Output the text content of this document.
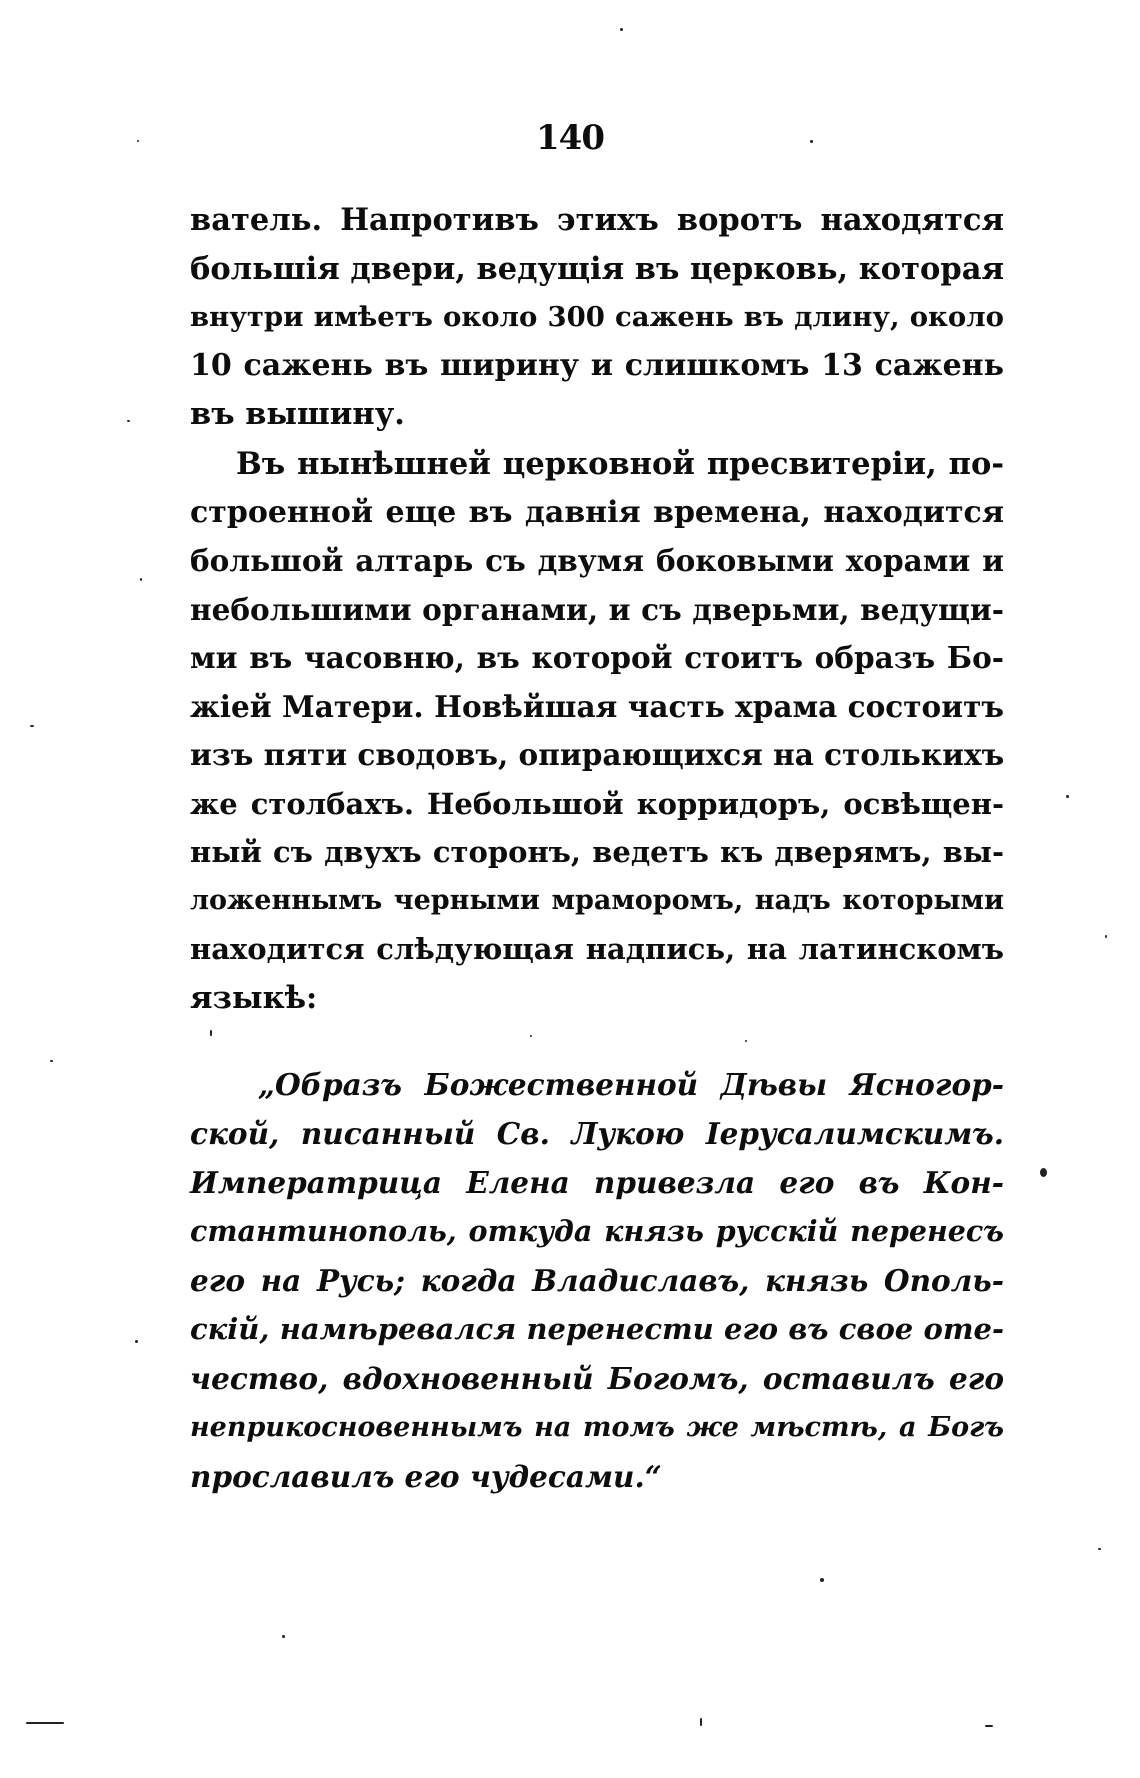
140
ватель. Напротивъ этихъ воротъ находятся
большія двери, ведущія въ церковь, которая
внутри имѣетъ около 300 сажень въ длину, около
10 сажень въ ширину и слишкомъ 13 сажень
въ вышину.
Въ нынѣшней церковной пресвитеріи, по-
строенной еще въ давнія времена, находится
большой алтарь съ двумя боковыми хорами и
небольшими органами, и съ дверьми, ведущи-
ми въ часовню, въ которой стоитъ образъ Бо-
жіей Матери. Новѣйшая часть храма состоитъ
изъ пяти сводовъ, опирающихся на столькихъ
же столбахъ. Небольшой корридоръ, освѣщен-
ный съ двухъ сторонъ, ведетъ къ дверямъ, вы-
ложеннымъ черными мраморомъ, надъ которыми
находится слѣдующая надпись, на латинскомъ
языкѣ:
„Образъ Божественной Дѣвы Ясногор-
ской, писанный Св. Лукою Іерусалимскимъ.
Императрица Елена привезла его въ Кон-
стантинополь, откуда князь русскій перенесъ
его на Русь; когда Владиславъ, князь Ополь-
скій, намѣревался перенести его въ свое оте-
чество, вдохновенный Богомъ, оставилъ его
неприкосновеннымъ на томъ же мѣстѣ, а Богъ
прославилъ его чудесами.“
